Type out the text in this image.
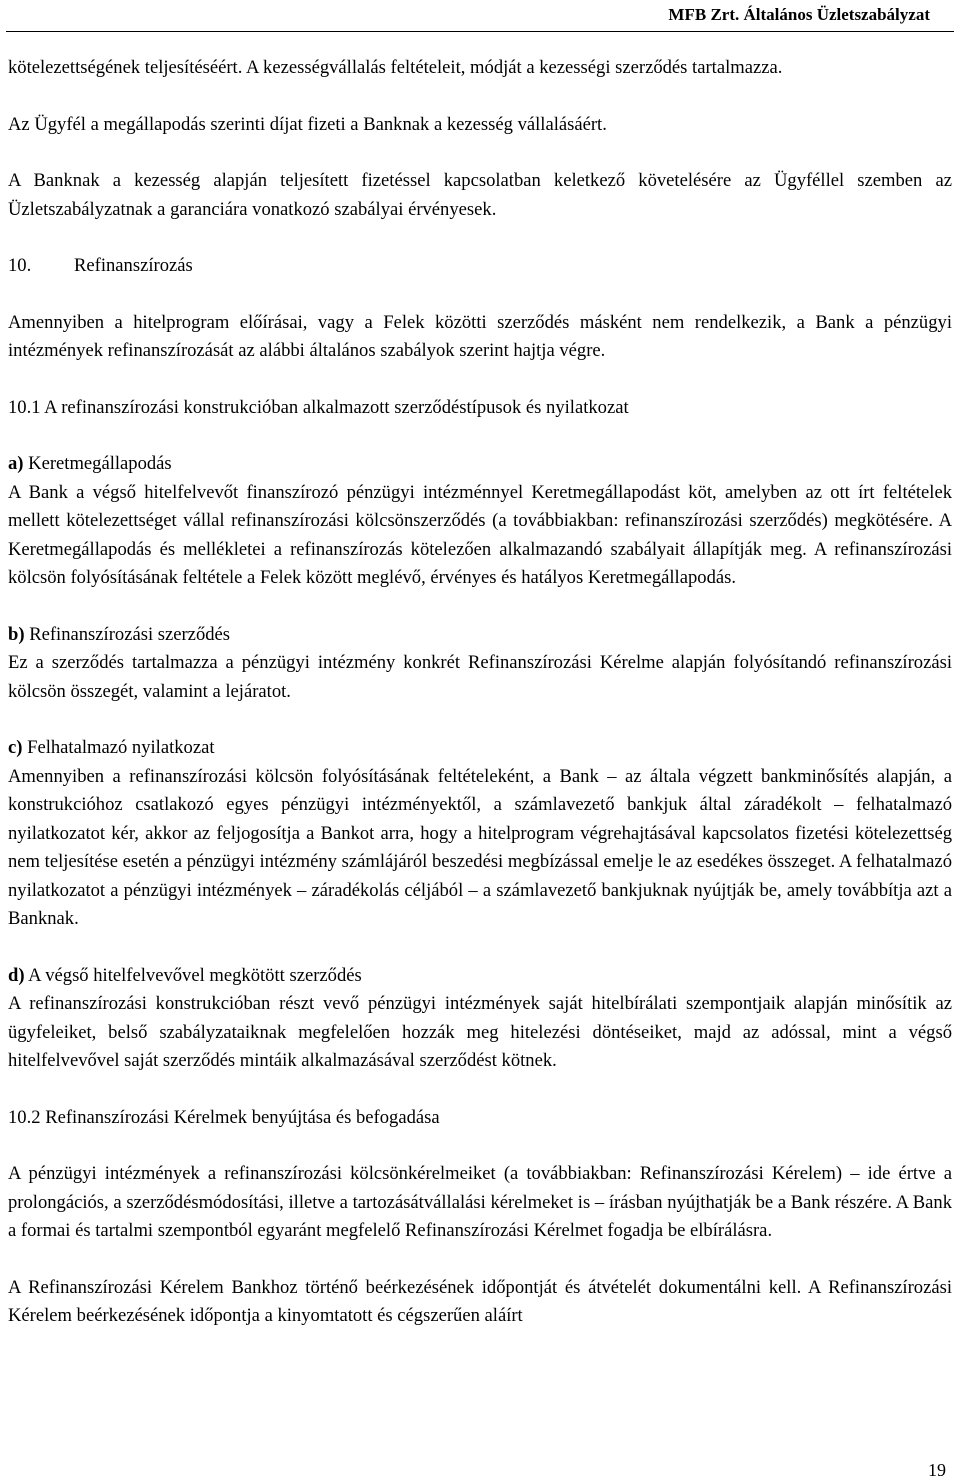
MFB Zrt. Általános Üzletszabályzat

kötelezettségének teljesítéséért. A kezességvállalás feltételeit, módját a kezességi szerződés tartalmazza.

Az Ügyfél a megállapodás szerinti díjat fizeti a Banknak a kezesség vállalásáért.

A Banknak a kezesség alapján teljesített fizetéssel kapcsolatban keletkező követelésére az Ügyféllel szemben az Üzletszabályzatnak a garanciára vonatkozó szabályai érvényesek.

10. Refinanszírozás

Amennyiben a hitelprogram előírásai, vagy a Felek közötti szerződés másként nem rendelkezik, a Bank a pénzügyi intézmények refinanszírozását az alábbi általános szabályok szerint hajtja végre.

10.1 A refinanszírozási konstrukcióban alkalmazott szerződéstípusok és nyilatkozat
a) Keretmegállapodás

A Bank a végső hitelfelvevőt finanszírozó pénzügyi intézménnyel Keretmegállapodást köt, amelyben az ott írt feltételek mellett kötelezettséget vállal refinanszírozási kölcsönszerződés (a továbbiakban: refinanszírozási szerződés) megkötésére. A Keretmegállapodás és mellékletei a refinanszírozás kötelezően alkalmazandó szabályait állapítják meg. A refinanszírozási kölcsön folyósításának feltétele a Felek között meglévő, érvényes és hatályos Keretmegállapodás.

b) Refinanszírozási szerződés

Ez a szerződés tartalmazza a pénzügyi intézmény konkrét Refinanszírozási Kérelme alapján folyósítandó refinanszírozási kölcsön összegét, valamint a lejáratot.

c) Felhatalmazó nyilatkozat

Amennyiben a refinanszírozási kölcsön folyósításának feltételeként, a Bank – az általa végzett bankminősítés alapján, a konstrukcióhoz csatlakozó egyes pénzügyi intézményektől, a számlavezető bankjuk által záradékolt – felhatalmazó nyilatkozatot kér, akkor az feljogosítja a Bankot arra, hogy a hitelprogram végrehajtásával kapcsolatos fizetési kötelezettség nem teljesítése esetén a pénzügyi intézmény számlájáról beszedési megbízással emelje le az esedékes összeget. A felhatalmazó nyilatkozatot a pénzügyi intézmények – záradékolás céljából – a számlavezető bankjuknak nyújtják be, amely továbbítja azt a Banknak.

d) A végső hitelfelvevővel megkötött szerződés

A refinanszírozási konstrukcióban részt vevő pénzügyi intézmények saját hitelbírálati szempontjaik alapján minősítik az ügyfeleiket, belső szabályzataiknak megfelelően hozzák meg hitelezési döntéseiket, majd az adóssal, mint a végső hitelfelvevővel saját szerződés mintáik alkalmazásával szerződést kötnek.

10.2 Refinanszírozási Kérelmek benyújtása és befogadása

A pénzügyi intézmények a refinanszírozási kölcsönkérelmeiket (a továbbiakban: Refinanszírozási Kérelem) – ide értve a prolongációs, a szerződésmódosítási, illetve a tartozásátvállalási kérelmeket is – írásban nyújthatják be a Bank részére. A Bank a formai és tartalmi szempontból egyaránt megfelelő Refinanszírozási Kérelmet fogadja be elbírálásra.

A Refinanszírozási Kérelem Bankhoz történő beérkezésének időpontját és átvételét dokumentálni kell. A Refinanszírozási Kérelem beérkezésének időpontja a kinyomtatott és cégszerűen aláírt

19
